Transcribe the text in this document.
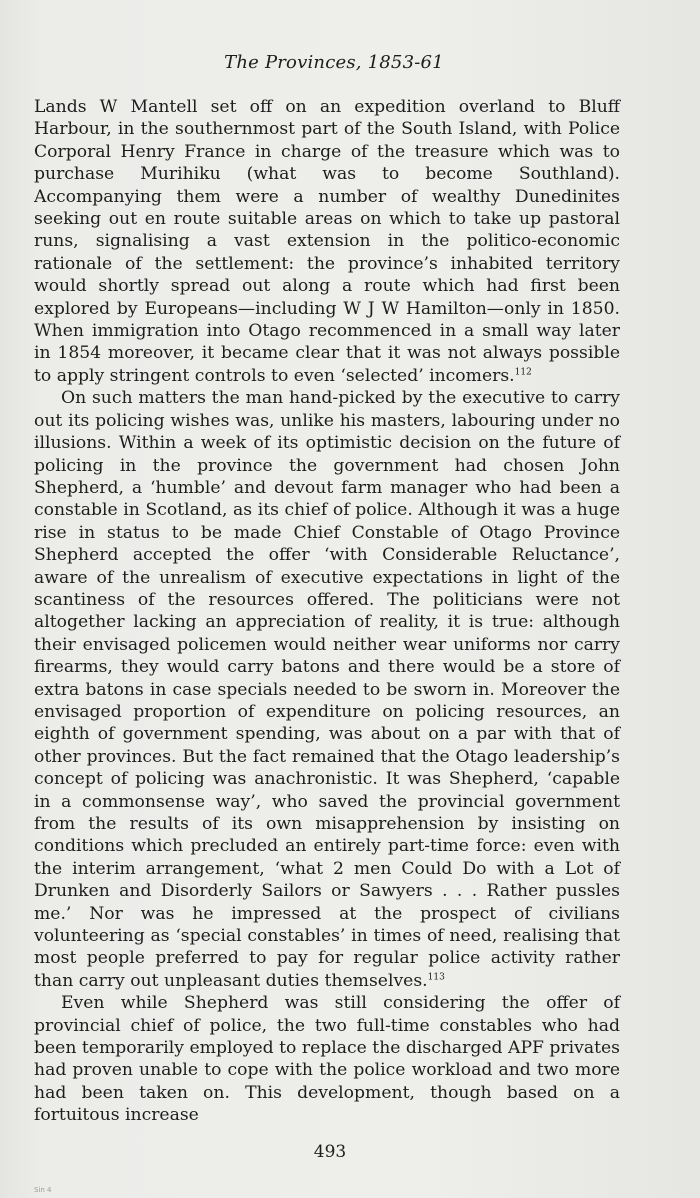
The Provinces, 1853-61

Lands W Mantell set off on an expedition overland to Bluff Harbour, in the southernmost part of the South Island, with Police Corporal Henry France in charge of the treasure which was to purchase Murihiku (what was to become Southland). Accompanying them were a number of wealthy Dunedinites seeking out en route suitable areas on which to take up pastoral runs, signalising a vast extension in the politico-economic rationale of the settlement: the province’s inhabited territory would shortly spread out along a route which had first been explored by Europeans—including W J W Hamilton—only in 1850. When immigration into Otago recommenced in a small way later in 1854 moreover, it became clear that it was not always possible to apply stringent controls to even ‘selected’ incomers.$^{112}$

On such matters the man hand-picked by the executive to carry out its policing wishes was, unlike his masters, labouring under no illusions. Within a week of its optimistic decision on the future of policing in the province the government had chosen John Shepherd, a ‘humble’ and devout farm manager who had been a constable in Scotland, as its chief of police. Although it was a huge rise in status to be made Chief Constable of Otago Province Shepherd accepted the offer ‘with Considerable Reluctance’, aware of the unrealism of executive expectations in light of the scantiness of the resources offered. The politicians were not altogether lacking an appreciation of reality, it is true: although their envisaged policemen would neither wear uniforms nor carry firearms, they would carry batons and there would be a store of extra batons in case specials needed to be sworn in. Moreover the envisaged proportion of expenditure on policing resources, an eighth of government spending, was about on a par with that of other provinces. But the fact remained that the Otago leadership’s concept of policing was anachronistic. It was Shepherd, ‘capable in a commonsense way’, who saved the provincial government from the results of its own misapprehension by insisting on conditions which precluded an entirely part-time force: even with the interim arrangement, ‘what 2 men Could Do with a Lot of Drunken and Disorderly Sailors or Sawyers . . . Rather pussles me.’ Nor was he impressed at the prospect of civilians volunteering as ‘special constables’ in times of need, realising that most people preferred to pay for regular police activity rather than carry out unpleasant duties themselves.$^{113}$

Even while Shepherd was still considering the offer of provincial chief of police, the two full-time constables who had been temporarily employed to replace the discharged APF privates had proven unable to cope with the police workload and two more had been taken on. This development, though based on a fortuitous increase

493
Sin 4
